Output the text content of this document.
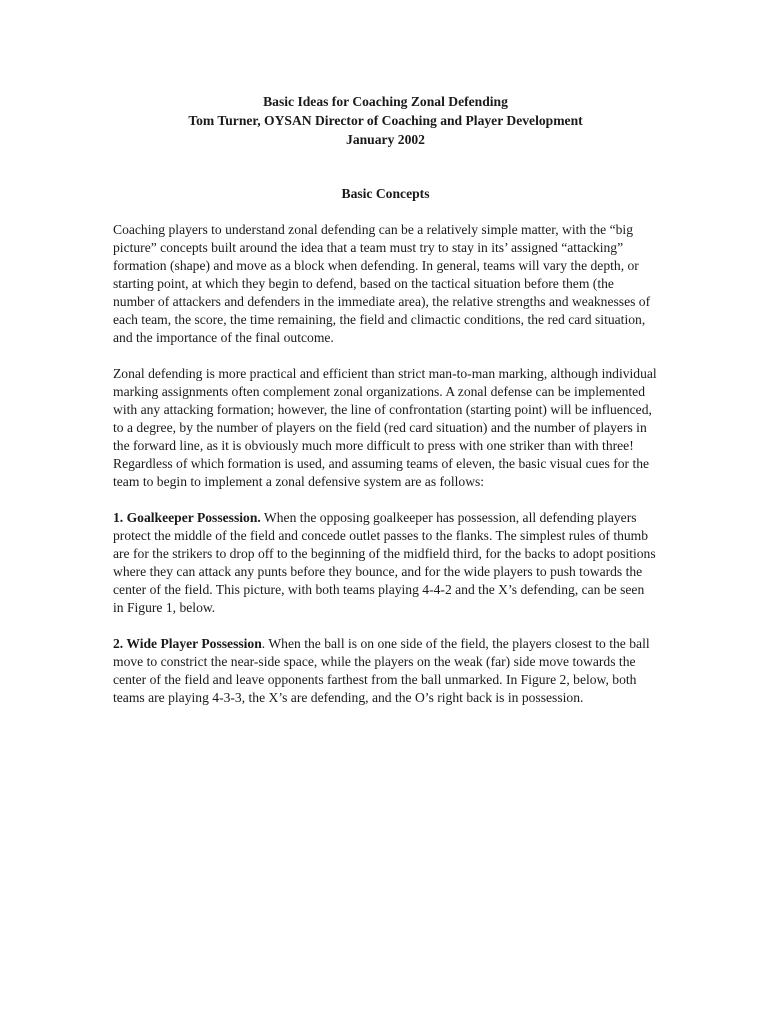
Basic Ideas for Coaching Zonal Defending
Tom Turner, OYSAN Director of Coaching and Player Development
January 2002
Basic Concepts

Coaching players to understand zonal defending can be a relatively simple matter, with the “big picture” concepts built around the idea that a team must try to stay in its’ assigned “attacking” formation (shape) and move as a block when defending. In general, teams will vary the depth, or starting point, at which they begin to defend, based on the tactical situation before them (the number of attackers and defenders in the immediate area), the relative strengths and weaknesses of each team, the score, the time remaining, the field and climactic conditions, the red card situation, and the importance of the final outcome.

Zonal defending is more practical and efficient than strict man-to-man marking, although individual marking assignments often complement zonal organizations. A zonal defense can be implemented with any attacking formation; however, the line of confrontation (starting point) will be influenced, to a degree, by the number of players on the field (red card situation) and the number of players in the forward line, as it is obviously much more difficult to press with one striker than with three! Regardless of which formation is used, and assuming teams of eleven, the basic visual cues for the team to begin to implement a zonal defensive system are as follows:

1. Goalkeeper Possession. When the opposing goalkeeper has possession, all defending players protect the middle of the field and concede outlet passes to the flanks. The simplest rules of thumb are for the strikers to drop off to the beginning of the midfield third, for the backs to adopt positions where they can attack any punts before they bounce, and for the wide players to push towards the center of the field. This picture, with both teams playing 4-4-2 and the X’s defending, can be seen in Figure 1, below.

2. Wide Player Possession. When the ball is on one side of the field, the players closest to the ball move to constrict the near-side space, while the players on the weak (far) side move towards the center of the field and leave opponents farthest from the ball unmarked. In Figure 2, below, both teams are playing 4-3-3, the X’s are defending, and the O’s right back is in possession.
